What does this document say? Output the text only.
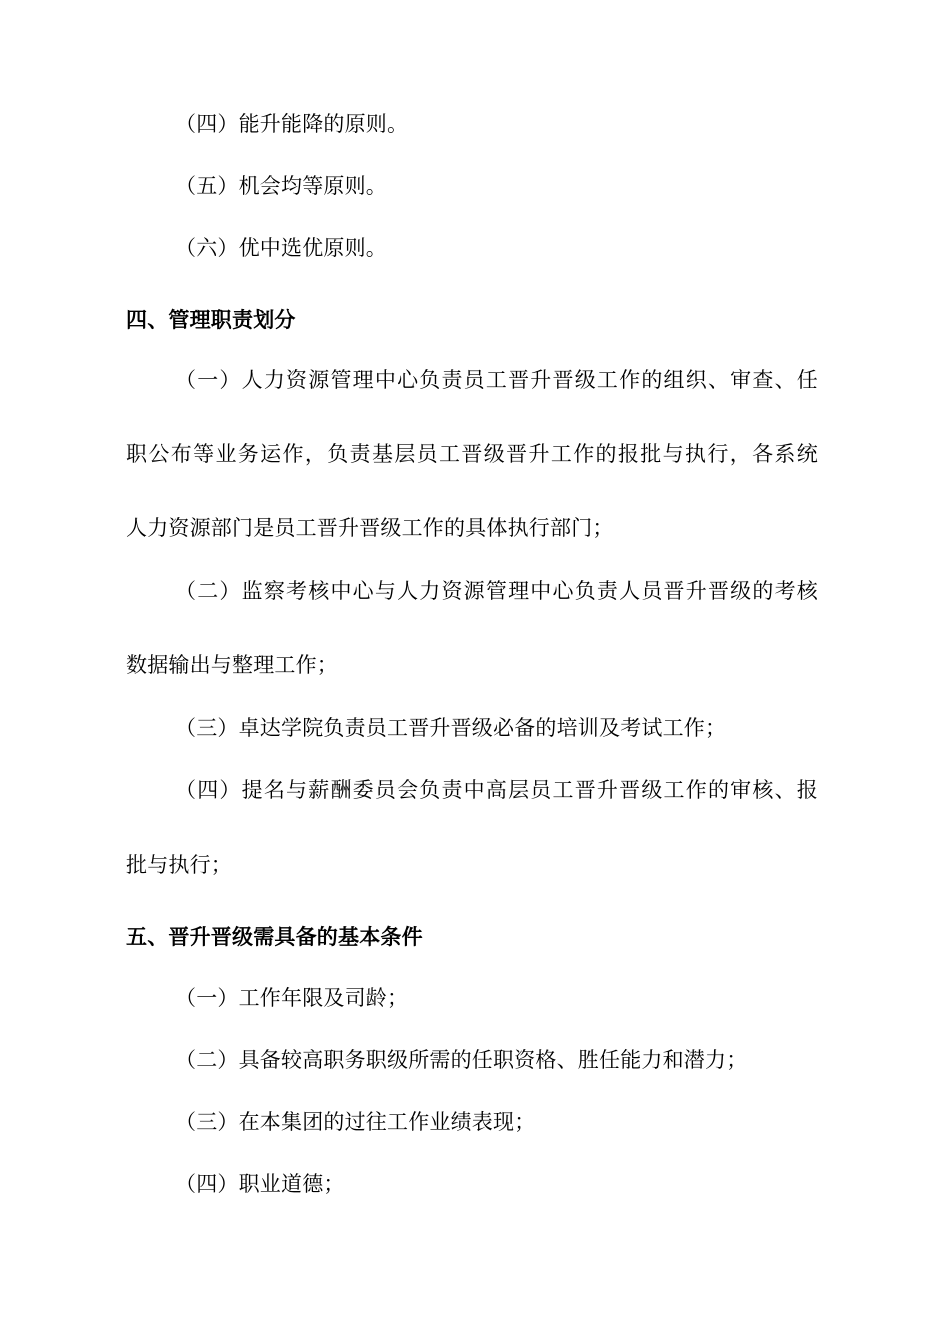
（四）能升能降的原则。
（五）机会均等原则。
（六）优中选优原则。
四、管理职责划分
（一）人力资源管理中心负责员工晋升晋级工作的组织、审查、任
职公布等业务运作，负责基层员工晋级晋升工作的报批与执行，各系统
人力资源部门是员工晋升晋级工作的具体执行部门；
（二）监察考核中心与人力资源管理中心负责人员晋升晋级的考核
数据输出与整理工作；
（三）卓达学院负责员工晋升晋级必备的培训及考试工作；
（四）提名与薪酬委员会负责中高层员工晋升晋级工作的审核、报
批与执行；
五、晋升晋级需具备的基本条件
（一）工作年限及司龄；
（二）具备较高职务职级所需的任职资格、胜任能力和潜力；
（三）在本集团的过往工作业绩表现；
（四）职业道德；
